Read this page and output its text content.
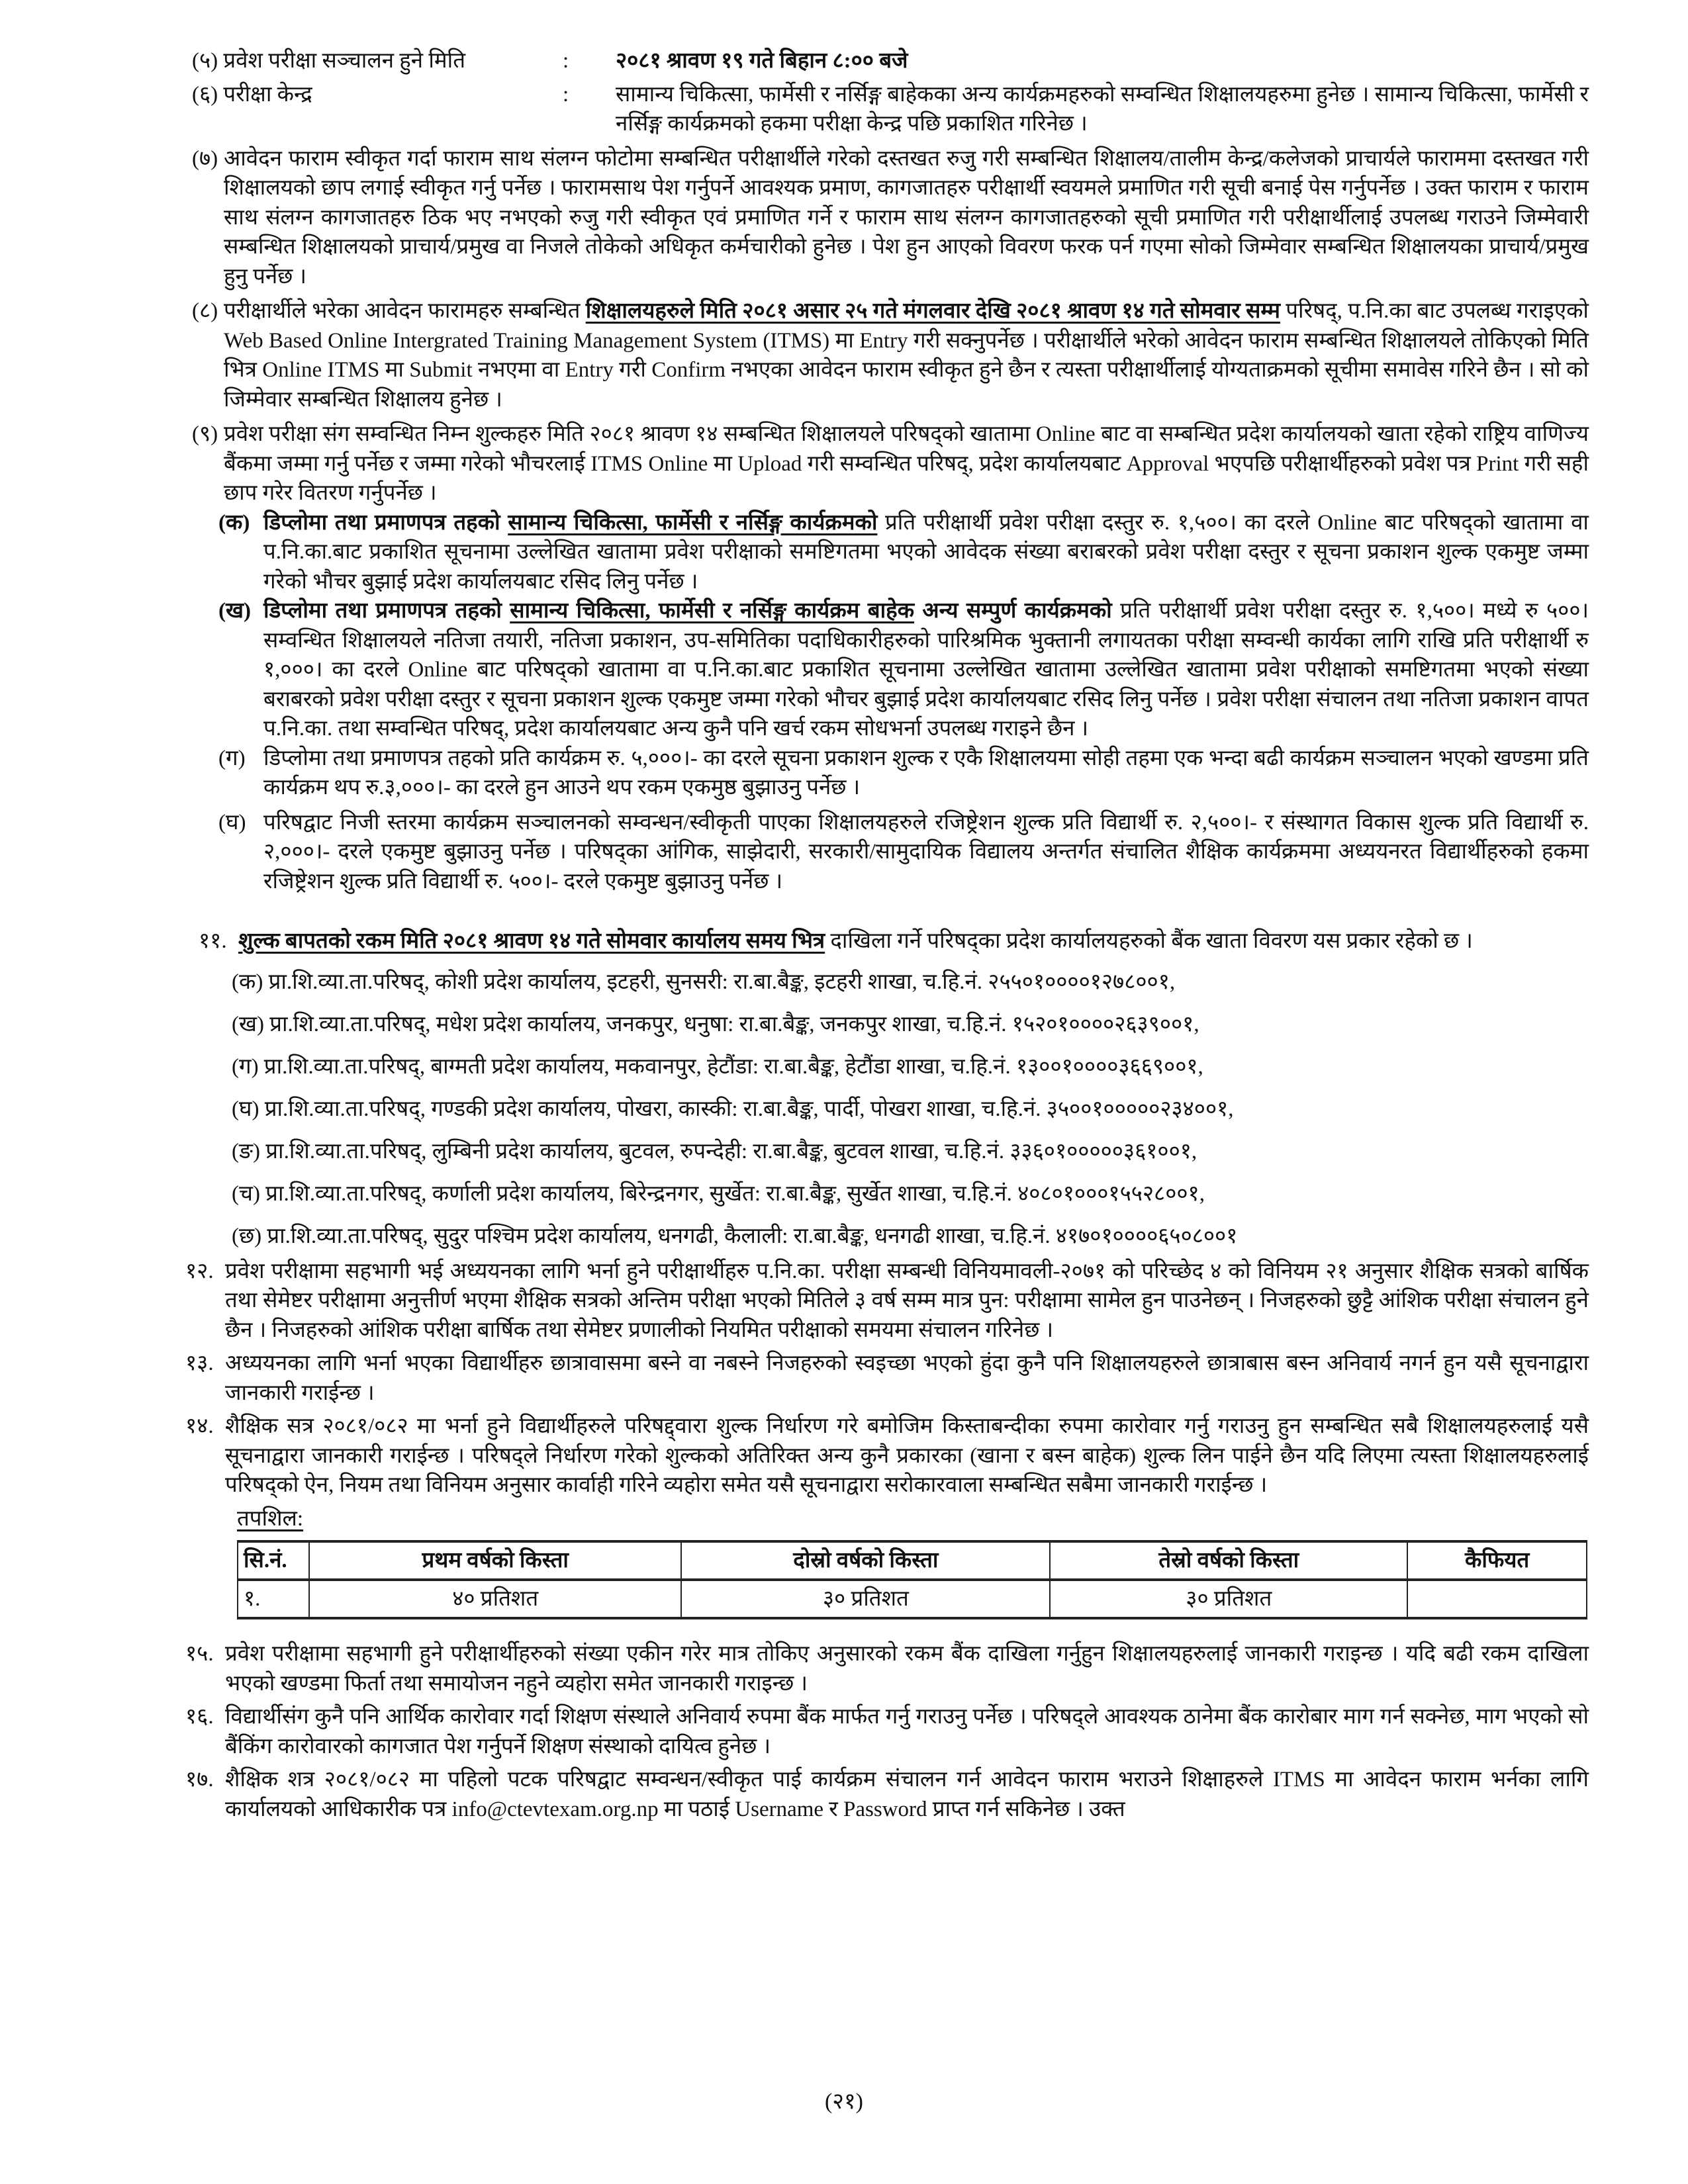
(५) प्रवेश परीक्षा सञ्चालन हुने मिति	:	२०८१ श्रावण १९ गते बिहान ८:०० बजे
(६) परीक्षा केन्द्र	:	सामान्य चिकित्सा, फार्मेसी र नर्सिङ्ग बाहेकका अन्य कार्यक्रमहरुको सम्वन्धित शिक्षालयहरुमा हुनेछ । सामान्य चिकित्सा, फार्मेसी र नर्सिङ्ग कार्यक्रमको हकमा परीक्षा केन्द्र पछि प्रकाशित गरिनेछ ।
(७) आवेदन फाराम स्वीकृत गर्दा फाराम साथ संलग्न फोटोमा सम्बन्धित परीक्षार्थीले गरेको दस्तखत रुजु गरी सम्बन्धित शिक्षालय/तालीम केन्द्र/कलेजको प्राचार्यले फाराममा दस्तखत गरी शिक्षालयको छाप लगाई स्वीकृत गर्नु पर्नेछ । फारामसाथ पेश गर्नुपर्ने आवश्यक प्रमाण, कागजातहरु परीक्षार्थी स्वयमले प्रमाणित गरी सूची बनाई पेस गर्नुपर्नेछ । उक्त फाराम र फाराम साथ संलग्न कागजातहरु ठिक भए नभएको रुजु गरी स्वीकृत एवं प्रमाणित गर्ने र फाराम साथ संलग्न कागजातहरुको सूची प्रमाणित गरी परीक्षार्थीलाई उपलब्ध गराउने जिम्मेवारी सम्बन्धित शिक्षालयको प्राचार्य/प्रमुख वा निजले तोकेको अधिकृत कर्मचारीको हुनेछ । पेश हुन आएको विवरण फरक पर्न गएमा सोको जिम्मेवार सम्बन्धित शिक्षालयका प्राचार्य/प्रमुख हुनु पर्नेछ ।
(८) परीक्षार्थीले भरेका आवेदन फारामहरु सम्बन्धित शिक्षालयहरुले मिति २०८१ असार २५ गते मंगलवार देखि २०८१ श्रावण १४ गते सोमवार सम्म परिषद्, प.नि.का बाट उपलब्ध गराइएको Web Based Online Intergrated Training Management System (ITMS) मा Entry गरी सक्नुपर्नेछ । परीक्षार्थीले भरेको आवेदन फाराम सम्बन्धित शिक्षालयले तोकिएको मिति भित्र Online ITMS मा Submit नभएमा वा Entry गरी Confirm नभएका आवेदन फाराम स्वीकृत हुने छैन र त्यस्ता परीक्षार्थीलाई योग्यताक्रमको सूचीमा समावेस गरिने छैन । सो को जिम्मेवार सम्बन्धित शिक्षालय हुनेछ ।
(९) प्रवेश परीक्षा संग सम्वन्धित निम्न शुल्कहरु मिति २०८१ श्रावण १४ सम्बन्धित शिक्षालयले परिषद्को खातामा Online बाट वा सम्बन्धित प्रदेश कार्यालयको खाता रहेको राष्ट्रिय वाणिज्य बैंकमा जम्मा गर्नु पर्नेछ र जम्मा गरेको भौचरलाई ITMS Online मा Upload गरी सम्वन्धित परिषद्, प्रदेश कार्यालयबाट Approval भएपछि परीक्षार्थीहरुको प्रवेश पत्र Print गरी सही छाप गरेर वितरण गर्नुपर्नेछ ।
(क) डिप्लोमा तथा प्रमाणपत्र तहको सामान्य चिकित्सा, फार्मेसी र नर्सिङ्ग कार्यक्रमको प्रति परीक्षार्थी प्रवेश परीक्षा दस्तुर रु. १,५००। का दरले Online बाट परिषद्को खातामा वा प.नि.का.बाट प्रकाशित सूचनामा उल्लेखित खातामा प्रवेश परीक्षाको समष्टिगतमा भएको आवेदक संख्या बराबरको प्रवेश परीक्षा दस्तुर र सूचना प्रकाशन शुल्क एकमुष्ट जम्मा गरेको भौचर बुझाई प्रदेश कार्यालयबाट रसिद लिनु पर्नेछ ।
(ख) डिप्लोमा तथा प्रमाणपत्र तहको सामान्य चिकित्सा, फार्मेसी र नर्सिङ्ग कार्यक्रम बाहेक अन्य सम्पुर्ण कार्यक्रमको प्रति परीक्षार्थी प्रवेश परीक्षा दस्तुर रु. १,५००। मध्ये रु ५००। सम्वन्धित शिक्षालयले नतिजा तयारी, नतिजा प्रकाशन, उप-समितिका पदाधिकारीहरुको पारिश्रमिक भुक्तानी लगायतका परीक्षा सम्वन्धी कार्यका लागि राखि प्रति परीक्षार्थी रु १,०००। का दरले Online बाट परिषद्को खातामा वा प.नि.का.बाट प्रकाशित सूचनामा उल्लेखित खातामा उल्लेखित खातामा प्रवेश परीक्षाको समष्टिगतमा भएको संख्या बराबरको प्रवेश परीक्षा दस्तुर र सूचना प्रकाशन शुल्क एकमुष्ट जम्मा गरेको भौचर बुझाई प्रदेश कार्यालयबाट रसिद लिनु पर्नेछ । प्रवेश परीक्षा संचालन तथा नतिजा प्रकाशन वापत प.नि.का. तथा सम्वन्धित परिषद्, प्रदेश कार्यालयबाट अन्य कुनै पनि खर्च रकम सोधभर्ना उपलब्ध गराइने छैन ।
(ग) डिप्लोमा तथा प्रमाणपत्र तहको प्रति कार्यक्रम रु. ५,०००।- का दरले सूचना प्रकाशन शुल्क र एकै शिक्षालयमा सोही तहमा एक भन्दा बढी कार्यक्रम सञ्चालन भएको खण्डमा प्रति कार्यक्रम थप रु.३,०००।- का दरले हुन आउने थप रकम एकमुष्ठ बुझाउनु पर्नेछ ।
(घ) परिषद्वाट निजी स्तरमा कार्यक्रम सञ्चालनको सम्वन्धन/स्वीकृती पाएका शिक्षालयहरुले रजिष्ट्रेशन शुल्क प्रति विद्यार्थी रु. २,५००।- र संस्थागत विकास शुल्क प्रति विद्यार्थी रु. २,०००।- दरले एकमुष्ट बुझाउनु पर्नेछ । परिषद्का आंगिक, साझेदारी, सरकारी/सामुदायिक विद्यालय अन्तर्गत संचालित शैक्षिक कार्यक्रममा अध्ययनरत विद्यार्थीहरुको हकमा रजिष्ट्रेशन शुल्क प्रति विद्यार्थी रु. ५००।- दरले एकमुष्ट बुझाउनु पर्नेछ ।
११. शुल्क बापतको रकम मिति २०८१ श्रावण १४ गते सोमवार कार्यालय समय भित्र दाखिला गर्ने परिषद्का प्रदेश कार्यालयहरुको बैंक खाता विवरण यस प्रकार रहेको छ ।
(क) प्रा.शि.व्या.ता.परिषद्, कोशी प्रदेश कार्यालय, इटहरी, सुनसरी: रा.बा.बैङ्क, इटहरी शाखा, च.हि.नं. २५५०१००००१२७८००१,
(ख) प्रा.शि.व्या.ता.परिषद्, मधेश प्रदेश कार्यालय, जनकपुर, धनुषा: रा.बा.बैङ्क, जनकपुर शाखा, च.हि.नं. १५२०१००००२६३९००१,
(ग) प्रा.शि.व्या.ता.परिषद्, बाग्मती प्रदेश कार्यालय, मकवानपुर, हेटौंडा: रा.बा.बैङ्क, हेटौंडा शाखा, च.हि.नं. १३००१००००३६६९००१,
(घ) प्रा.शि.व्या.ता.परिषद्, गण्डकी प्रदेश कार्यालय, पोखरा, कास्की: रा.बा.बैङ्क, पार्दी, पोखरा शाखा, च.हि.नं. ३५००१०००००२३४००१,
(ङ) प्रा.शि.व्या.ता.परिषद्, लुम्बिनी प्रदेश कार्यालय, बुटवल, रुपन्देही: रा.बा.बैङ्क, बुटवल शाखा, च.हि.नं. ३३६०१०००००३६१००१,
(च) प्रा.शि.व्या.ता.परिषद्, कर्णाली प्रदेश कार्यालय, बिरेन्द्रनगर, सुर्खेत: रा.बा.बैङ्क, सुर्खेत शाखा, च.हि.नं. ४०८०१०००१५५२८००१,
(छ) प्रा.शि.व्या.ता.परिषद्, सुदुर पश्चिम प्रदेश कार्यालय, धनगढी, कैलाली: रा.बा.बैङ्क, धनगढी शाखा, च.हि.नं. ४१७०१००००६५०८००१
१२. प्रवेश परीक्षामा सहभागी भई अध्ययनका लागि भर्ना हुने परीक्षार्थीहरु प.नि.का. परीक्षा सम्बन्धी विनियमावली-२०७१ को परिच्छेद ४ को विनियम २१ अनुसार शैक्षिक सत्रको बार्षिक तथा सेमेष्टर परीक्षामा अनुत्तीर्ण भएमा शैक्षिक सत्रको अन्तिम परीक्षा भएको मितिले ३ वर्ष सम्म मात्र पुन: परीक्षामा सामेल हुन पाउनेछन् । निजहरुको छुट्टै आंशिक परीक्षा संचालन हुने छैन । निजहरुको आंशिक परीक्षा बार्षिक तथा सेमेष्टर प्रणालीको नियमित परीक्षाको समयमा संचालन गरिनेछ ।
१३. अध्ययनका लागि भर्ना भएका विद्यार्थीहरु छात्रावासमा बस्ने वा नबस्ने निजहरुको स्वइच्छा भएको हुंदा कुनै पनि शिक्षालयहरुले छात्राबास बस्न अनिवार्य नगर्न हुन यसै सूचनाद्वारा जानकारी गराईन्छ ।
१४. शैक्षिक सत्र २०८१/०८२ मा भर्ना हुने विद्यार्थीहरुले परिषद्द्वारा शुल्क निर्धारण गरे बमोजिम किस्ताबन्दीका रुपमा कारोवार गर्नु गराउनु हुन सम्बन्धित सबै शिक्षालयहरुलाई यसै सूचनाद्वारा जानकारी गराईन्छ । परिषद्ले निर्धारण गरेको शुल्कको अतिरिक्त अन्य कुनै प्रकारका (खाना र बस्न बाहेक) शुल्क लिन पाईने छैन यदि लिएमा त्यस्ता शिक्षालयहरुलाई परिषद्को ऐन, नियम तथा विनियम अनुसार कार्वाही गरिने व्यहोरा समेत यसै सूचनाद्वारा सरोकारवाला सम्बन्धित सबैमा जानकारी गराईन्छ ।
तपशिल:
सि.नं.	प्रथम वर्षको किस्ता	दोस्रो वर्षको किस्ता	तेस्रो वर्षको किस्ता	कैफियत
१.	४० प्रतिशत	३० प्रतिशत	३० प्रतिशत	
१५. प्रवेश परीक्षामा सहभागी हुने परीक्षार्थीहरुको संख्या एकीन गरेर मात्र तोकिए अनुसारको रकम बैंक दाखिला गर्नुहुन शिक्षालयहरुलाई जानकारी गराइन्छ । यदि बढी रकम दाखिला भएको खण्डमा फिर्ता तथा समायोजन नहुने व्यहोरा समेत जानकारी गराइन्छ ।
१६. विद्यार्थीसंग कुनै पनि आर्थिक कारोवार गर्दा शिक्षण संस्थाले अनिवार्य रुपमा बैंक मार्फत गर्नु गराउनु पर्नेछ । परिषद्ले आवश्यक ठानेमा बैंक कारोबार माग गर्न सक्नेछ, माग भएको सो बैंकिंग कारोवारको कागजात पेश गर्नुपर्ने शिक्षण संस्थाको दायित्व हुनेछ ।
१७. शैक्षिक शत्र २०८१/०८२ मा पहिलो पटक परिषद्वाट सम्वन्धन/स्वीकृत पाई कार्यक्रम संचालन गर्न आवेदन फाराम भराउने शिक्षाहरुले ITMS मा आवेदन फाराम भर्नका लागि कार्यालयको आधिकारीक पत्र info@ctevtexam.org.np मा पठाई Username र Password प्राप्त गर्न सकिनेछ । उक्त
(२१)
